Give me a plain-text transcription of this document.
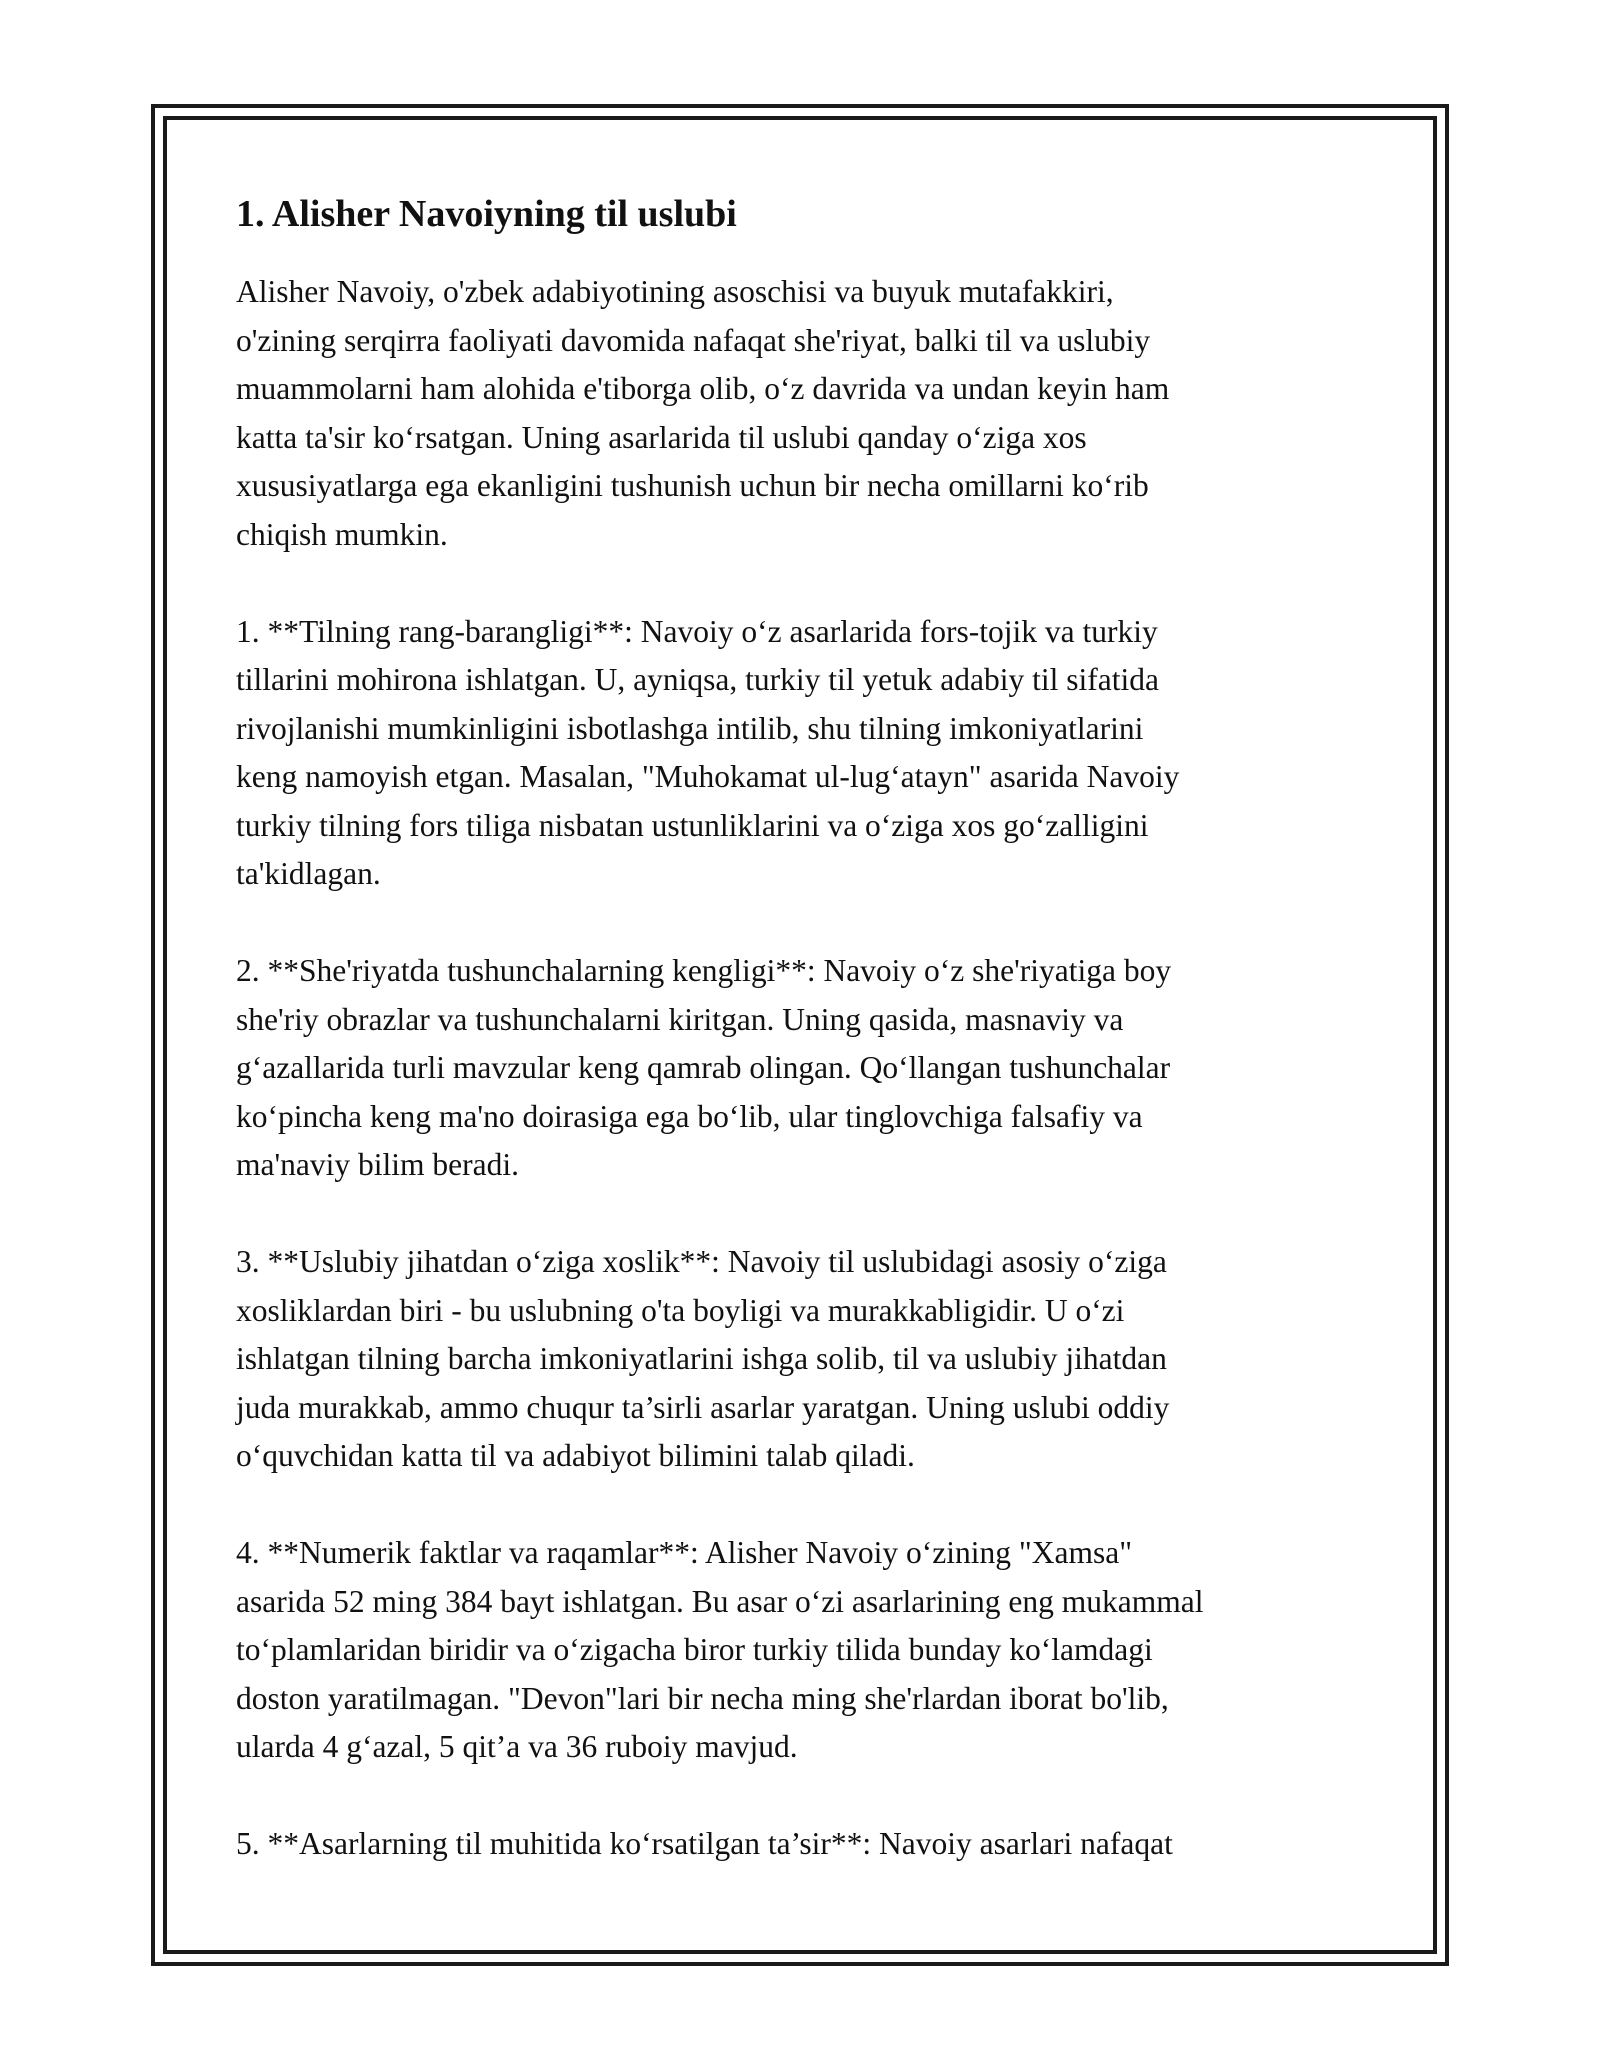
1. Alisher Navoiyning til uslubi
Alisher Navoiy, o'zbek adabiyotining asoschisi va buyuk mutafakkiri,
o'zining serqirra faoliyati davomida nafaqat she'riyat, balki til va uslubiy
muammolarni ham alohida e'tiborga olib, o‘z davrida va undan keyin ham
katta ta'sir ko‘rsatgan. Uning asarlarida til uslubi qanday o‘ziga xos
xususiyatlarga ega ekanligini tushunish uchun bir necha omillarni ko‘rib
chiqish mumkin.
1. **Tilning rang-barangligi**: Navoiy o‘z asarlarida fors-tojik va turkiy
tillarini mohirona ishlatgan. U, ayniqsa, turkiy til yetuk adabiy til sifatida
rivojlanishi mumkinligini isbotlashga intilib, shu tilning imkoniyatlarini
keng namoyish etgan. Masalan, "Muhokamat ul-lug‘atayn" asarida Navoiy
turkiy tilning fors tiliga nisbatan ustunliklarini va o‘ziga xos go‘zalligini
ta'kidlagan.
2. **She'riyatda tushunchalarning kengligi**: Navoiy o‘z she'riyatiga boy
she'riy obrazlar va tushunchalarni kiritgan. Uning qasida, masnaviy va
g‘azallarida turli mavzular keng qamrab olingan. Qo‘llangan tushunchalar
ko‘pincha keng ma'no doirasiga ega bo‘lib, ular tinglovchiga falsafiy va
ma'naviy bilim beradi.
3. **Uslubiy jihatdan o‘ziga xoslik**: Navoiy til uslubidagi asosiy o‘ziga
xosliklardan biri - bu uslubning o'ta boyligi va murakkabligidir. U o‘zi
ishlatgan tilning barcha imkoniyatlarini ishga solib, til va uslubiy jihatdan
juda murakkab, ammo chuqur ta’sirli asarlar yaratgan. Uning uslubi oddiy
o‘quvchidan katta til va adabiyot bilimini talab qiladi.
4. **Numerik faktlar va raqamlar**: Alisher Navoiy o‘zining "Xamsa"
asarida 52 ming 384 bayt ishlatgan. Bu asar o‘zi asarlarining eng mukammal
to‘plamlaridan biridir va o‘zigacha biror turkiy tilida bunday ko‘lamdagi
doston yaratilmagan. "Devon"lari bir necha ming she'rlardan iborat bo'lib,
ularda 4 g‘azal, 5 qit’a va 36 ruboiy mavjud.
5. **Asarlarning til muhitida ko‘rsatilgan ta’sir**: Navoiy asarlari nafaqat
